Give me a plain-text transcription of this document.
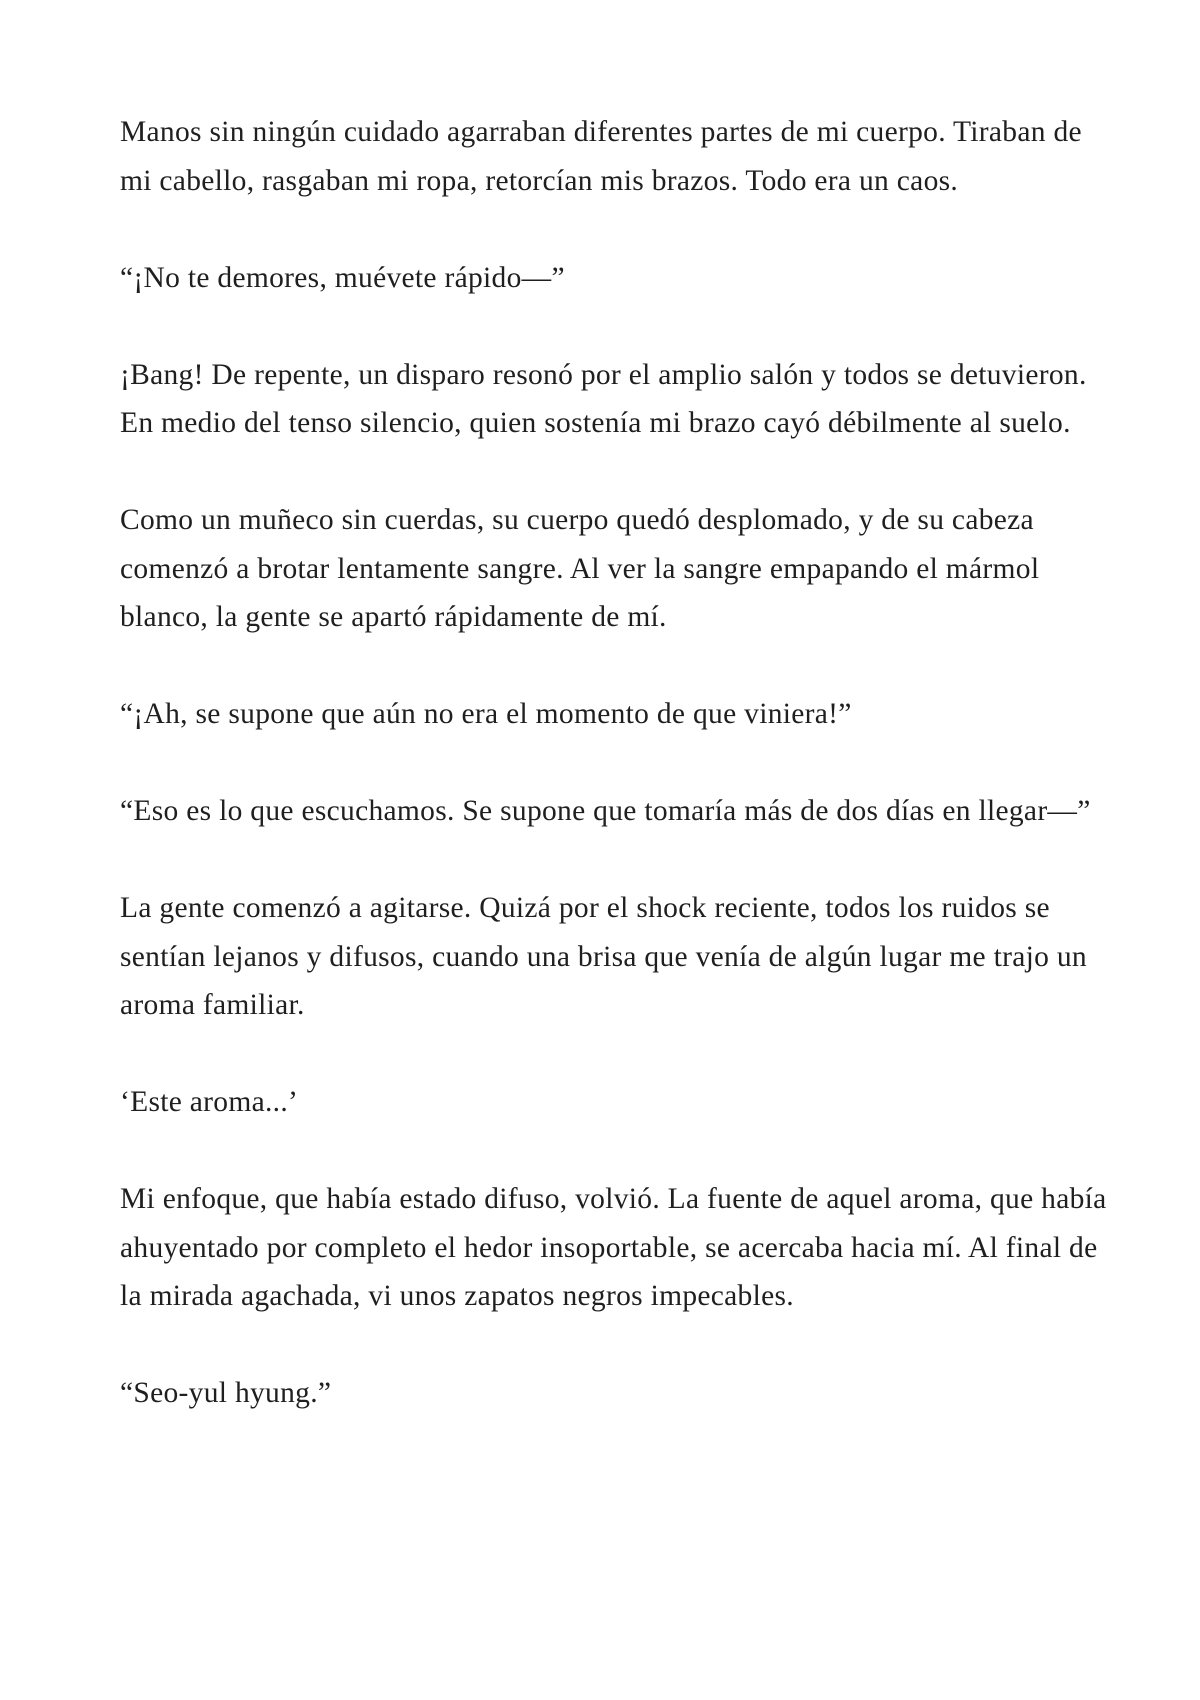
Manos sin ningún cuidado agarraban diferentes partes de mi cuerpo. Tiraban de mi cabello, rasgaban mi ropa, retorcían mis brazos. Todo era un caos.

“¡No te demores, muévete rápido—”

¡Bang! De repente, un disparo resonó por el amplio salón y todos se detuvieron. En medio del tenso silencio, quien sostenía mi brazo cayó débilmente al suelo.

Como un muñeco sin cuerdas, su cuerpo quedó desplomado, y de su cabeza comenzó a brotar lentamente sangre. Al ver la sangre empapando el mármol blanco, la gente se apartó rápidamente de mí.

“¡Ah, se supone que aún no era el momento de que viniera!”

“Eso es lo que escuchamos. Se supone que tomaría más de dos días en llegar—”

La gente comenzó a agitarse. Quizá por el shock reciente, todos los ruidos se sentían lejanos y difusos, cuando una brisa que venía de algún lugar me trajo un aroma familiar.

‘Este aroma...’

Mi enfoque, que había estado difuso, volvió. La fuente de aquel aroma, que había ahuyentado por completo el hedor insoportable, se acercaba hacia mí. Al final de la mirada agachada, vi unos zapatos negros impecables.

“Seo-yul hyung.”
